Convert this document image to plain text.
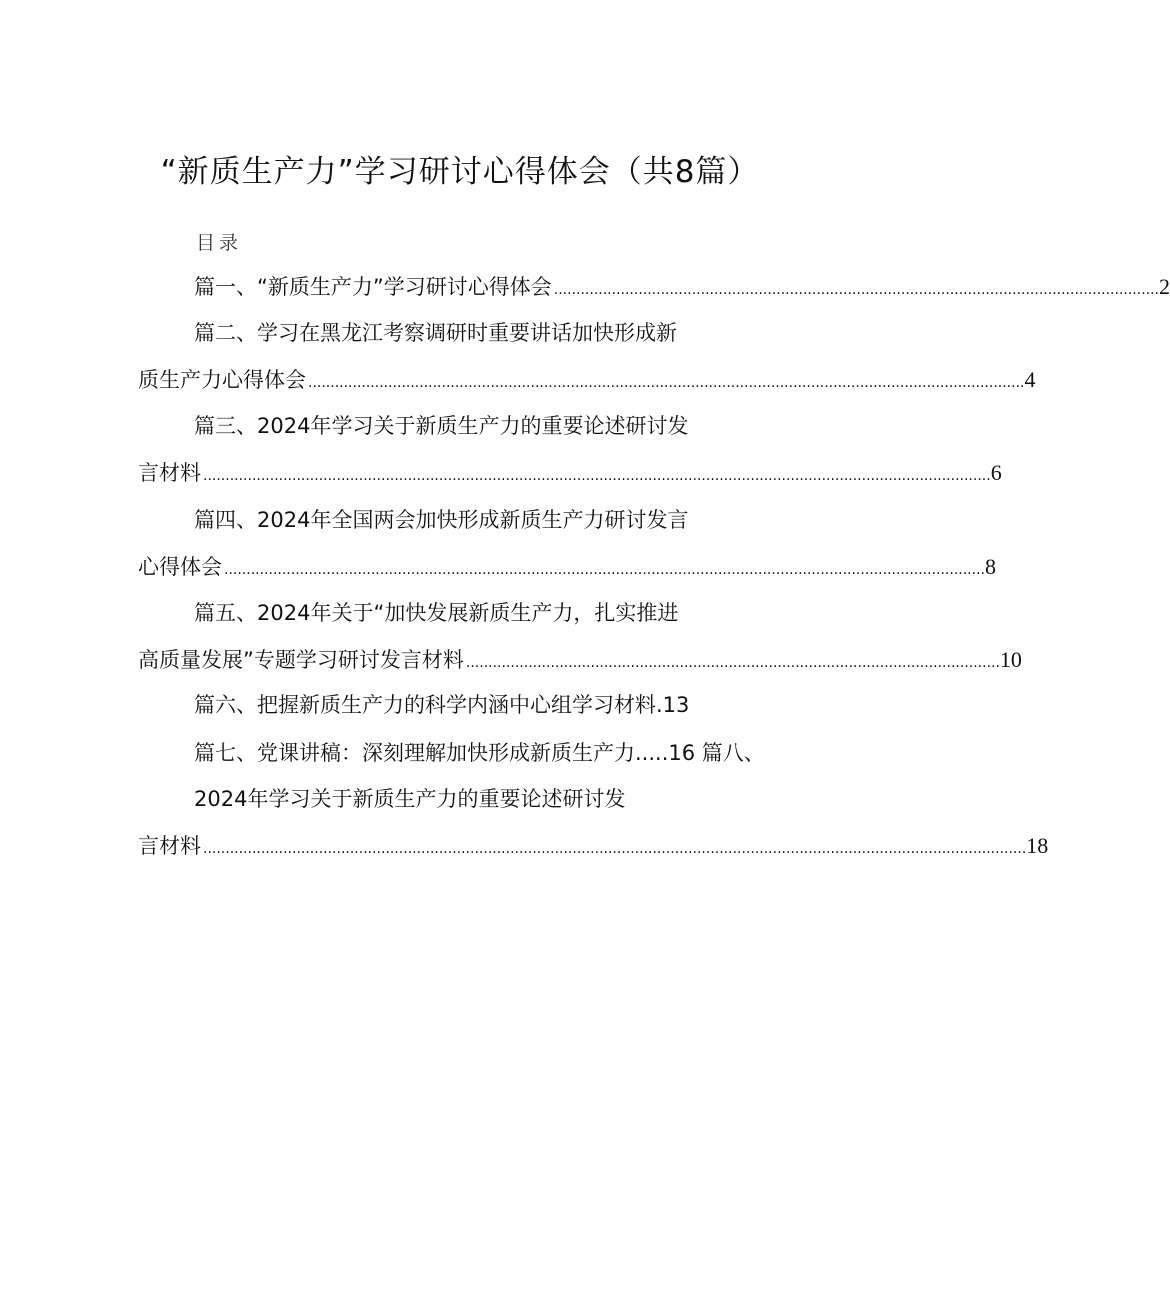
“新质生产力”学习研讨心得体会（共8篇）
目录
篇一、“新质生产力”学习研讨心得体会 ........................................................................................................................................ 2
篇二、学习在黑龙江考察调研时重要讲话加快形成新
质生产力心得体会 ................................................................................................................................................................. 4
篇三、2024年学习关于新质生产力的重要论述研讨发
言材料 ................................................................................................................................................................................. 6
篇四、2024年全国两会加快形成新质生产力研讨发言
心得体会 ........................................................................................................................................................................... 8
篇五、2024年关于“加快发展新质生产力，扎实推进
高质量发展”专题学习研讨发言材料 ........................................................................................................................ 10
篇六、把握新质生产力的科学内涵中心组学习材料.13
篇七、党课讲稿：深刻理解加快形成新质生产力.....16 篇八、
2024年学习关于新质生产力的重要论述研讨发
言材料 ......................................................................................................................................................................................... 18
